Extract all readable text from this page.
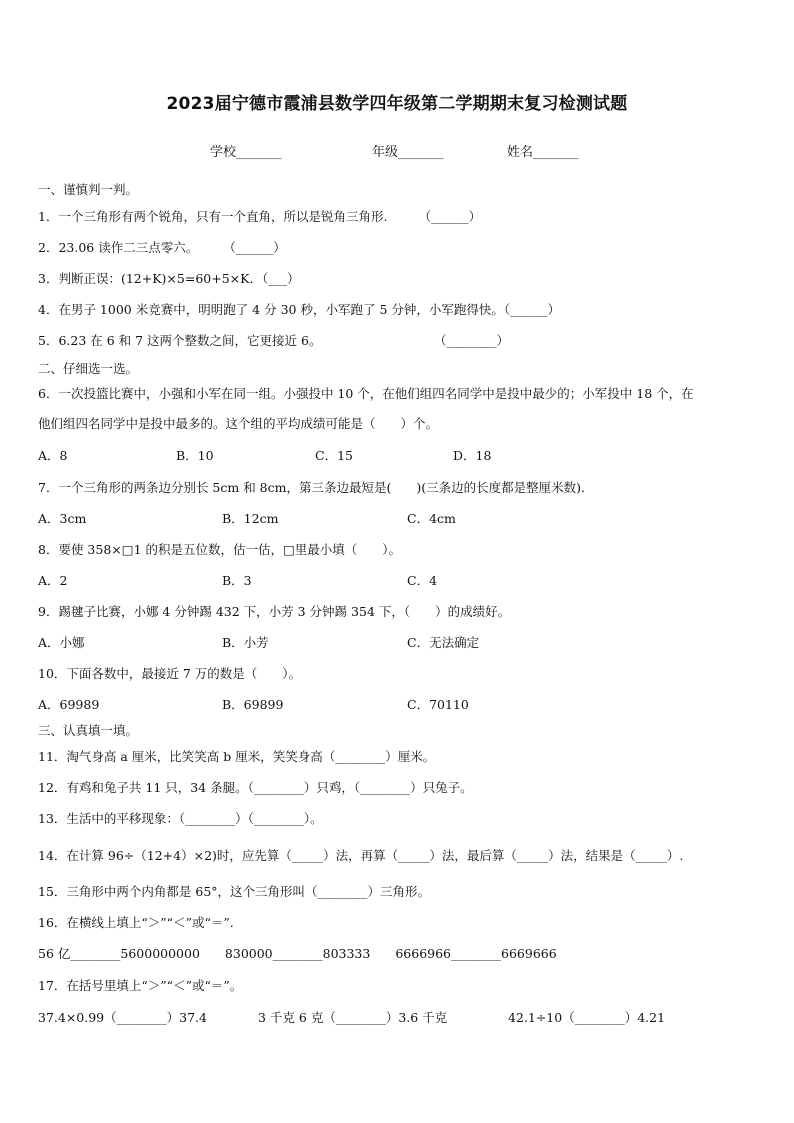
2023届宁德市霞浦县数学四年级第二学期期末复习检测试题
学校_______	年级_______	姓名_______
一、谨慎判一判。
1．一个三角形有两个锐角，只有一个直角，所以是锐角三角形.　　　（______）
2．23.06 读作二三点零六。　　　（______）
3．判断正误：(12+K)×5=60+5×K．（___）
4．在男子 1000 米竞赛中，明明跑了 4 分 30 秒，小军跑了 5 分钟，小军跑得快。（______）
5．6.23 在 6 和 7 这两个整数之间，它更接近 6。　　　　　　　　　　（________）
二、仔细选一选。
6．一次投篮比赛中，小强和小军在同一组。小强投中 10 个，在他们组四名同学中是投中最少的；小军投中 18 个，在
他们组四名同学中是投中最多的。这个组的平均成绩可能是（　　）个。
A．8	B．10	C．15	D．18
7．一个三角形的两条边分别长 5cm 和 8cm，第三条边最短是(　　)(三条边的长度都是整厘米数)．
A．3cm	B．12cm	C．4cm
8．要使 358×□1 的积是五位数，估一估，□里最小填（　　）。
A．2	B．3	C．4
9．踢毽子比赛，小娜 4 分钟踢 432 下，小芳 3 分钟踢 354 下，（　　）的成绩好。
A．小娜	B．小芳	C．无法确定
10．下面各数中，最接近 7 万的数是（　　）。
A．69989	B．69899	C．70110
三、认真填一填。
11．淘气身高 a 厘米，比笑笑高 b 厘米，笑笑身高（________）厘米。
12．有鸡和兔子共 11 只，34 条腿。（________）只鸡，（________）只兔子。
13．生活中的平移现象：（________）（________）。
14．在计算 96÷（12+4）×2)时，应先算（_____）法，再算（_____）法，最后算（_____）法，结果是（_____）.
15．三角形中两个内角都是 65°，这个三角形叫（________）三角形。
16．在横线上填上“＞”“＜”或“＝”.
56 亿________5600000000　　830000________803333　　6666966________6669666
17．在括号里填上“＞”“＜”或“＝”。
37.4×0.99（________）37.4	3 千克 6 克（________）3.6 千克	42.1÷10（________）4.21
